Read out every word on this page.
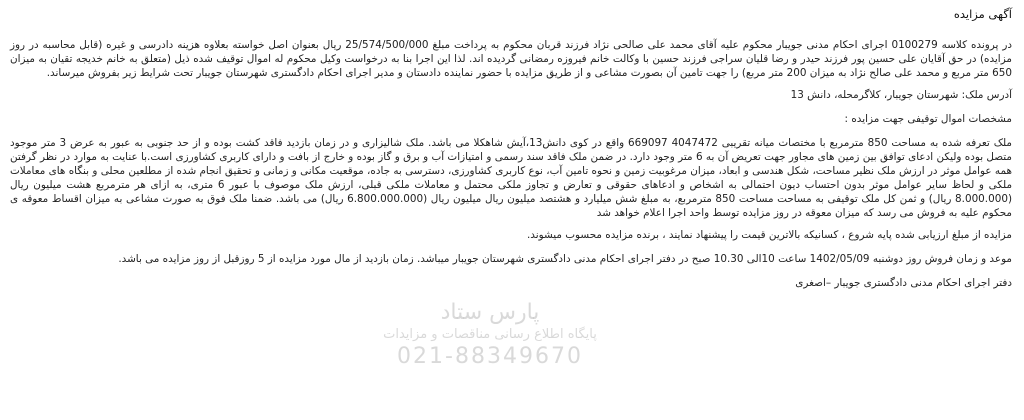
آگهی مزایده
در پرونده کلاسه 0100279 اجرای احکام مدنی جویبار محکوم علیه آقای محمد علی صالحی نژاد فرزند قربان محکوم به پرداخت مبلغ 25/574/500/000 ریال بعنوان اصل خواسته بعلاوه هزینه دادرسی و غیره (قابل محاسبه در روز مزایده) در حق آقایان علی حسین پور فرزند حیدر و رضا قلیان سراجی فرزند حسین با وکالت خانم فیروزه رمضانی گردیده اند. لذا این اجرا بنا به درخواست وکیل محکوم له اموال توقیف شده ذیل (متعلق به خانم خدیجه تقیان به میزان 650 متر مربع و محمد علی صالح نژاد به میزان 200 متر مربع) را جهت تامین آن بصورت مشاعی و از طریق مزایده با حضور نماینده دادستان و مدیر اجرای احکام دادگستری شهرستان جویبار تحت شرایط زیر بفروش میرساند.
آدرس ملک: شهرستان جویبار، کلاگرمحله، دانش 13
مشخصات اموال توقیفی جهت مزایده :
ملک تعرفه شده به مساحت 850 مترمربع با مختصات میانه تقریبی 4047472 669097 واقع در کوی دانش13،آیش شاهکلا می باشد. ملک شالیزاری و در زمان بازدید فاقد کشت بوده و از حد جنوبی به عبور به عرض 3 متر موجود متصل بوده ولیکن ادعای توافق بین زمین های مجاور جهت تعریض آن به 6 متر وجود دارد. در ضمن ملک فاقد سند رسمی و امتیازات آب و برق و گاز بوده و خارج از بافت و دارای کاربری کشاورزی است.با عنایت به موارد در نظر گرفتن همه عوامل موثر در ارزش ملک نظیر مساحت، شکل هندسی و ابعاد، میزان مرغوبیت زمین و نحوه تامین آب، نوع کاربری کشاورزی، دسترسی به جاده، موقعیت مکانی و زمانی و تحقیق انجام شده از مطلعین محلی و بنگاه های معاملات ملکی و لحاظ سایر عوامل موثر بدون احتساب دیون احتمالی به اشخاص و ادعاهای حقوقی و تعارض و تجاوز ملکی محتمل و معاملات ملکی قبلی، ارزش ملک موصوف با عبور 6 متری، به ازای هر مترمربع هشت میلیون ریال (8.000.000 ریال) و ثمن کل ملک توقیفی به مساحت مساحت 850 مترمربع، به مبلغ شش میلیارد و هشتصد میلیون ریال میلیون ریال (6.800.000.000 ریال) می باشد. ضمنا ملک فوق به صورت مشاعی به میزان اقساط معوقه ی محکوم علیه به فروش می رسد که میزان معوقه در روز مزایده توسط واحد اجرا اعلام خواهد شد
مزایده از مبلغ ارزیابی شده پایه شروع ، کسانیکه بالاترین قیمت را پیشنهاد نمایند ، برنده مزایده محسوب میشوند.
موعد و زمان فروش روز دوشنبه 1402/05/09 ساعت 10الی 10.30 صبح در دفتر اجرای احکام مدنی دادگستری شهرستان جویبار میباشد. زمان بازدید از مال مورد مزایده از 5 روزقبل از روز مزایده می باشد.
دفتر اجرای احکام مدنی دادگستری جویبار –اصغری
پارس ستاد
پایگاه اطلاع رسانی مناقصات و مزایدات
021-88349670
